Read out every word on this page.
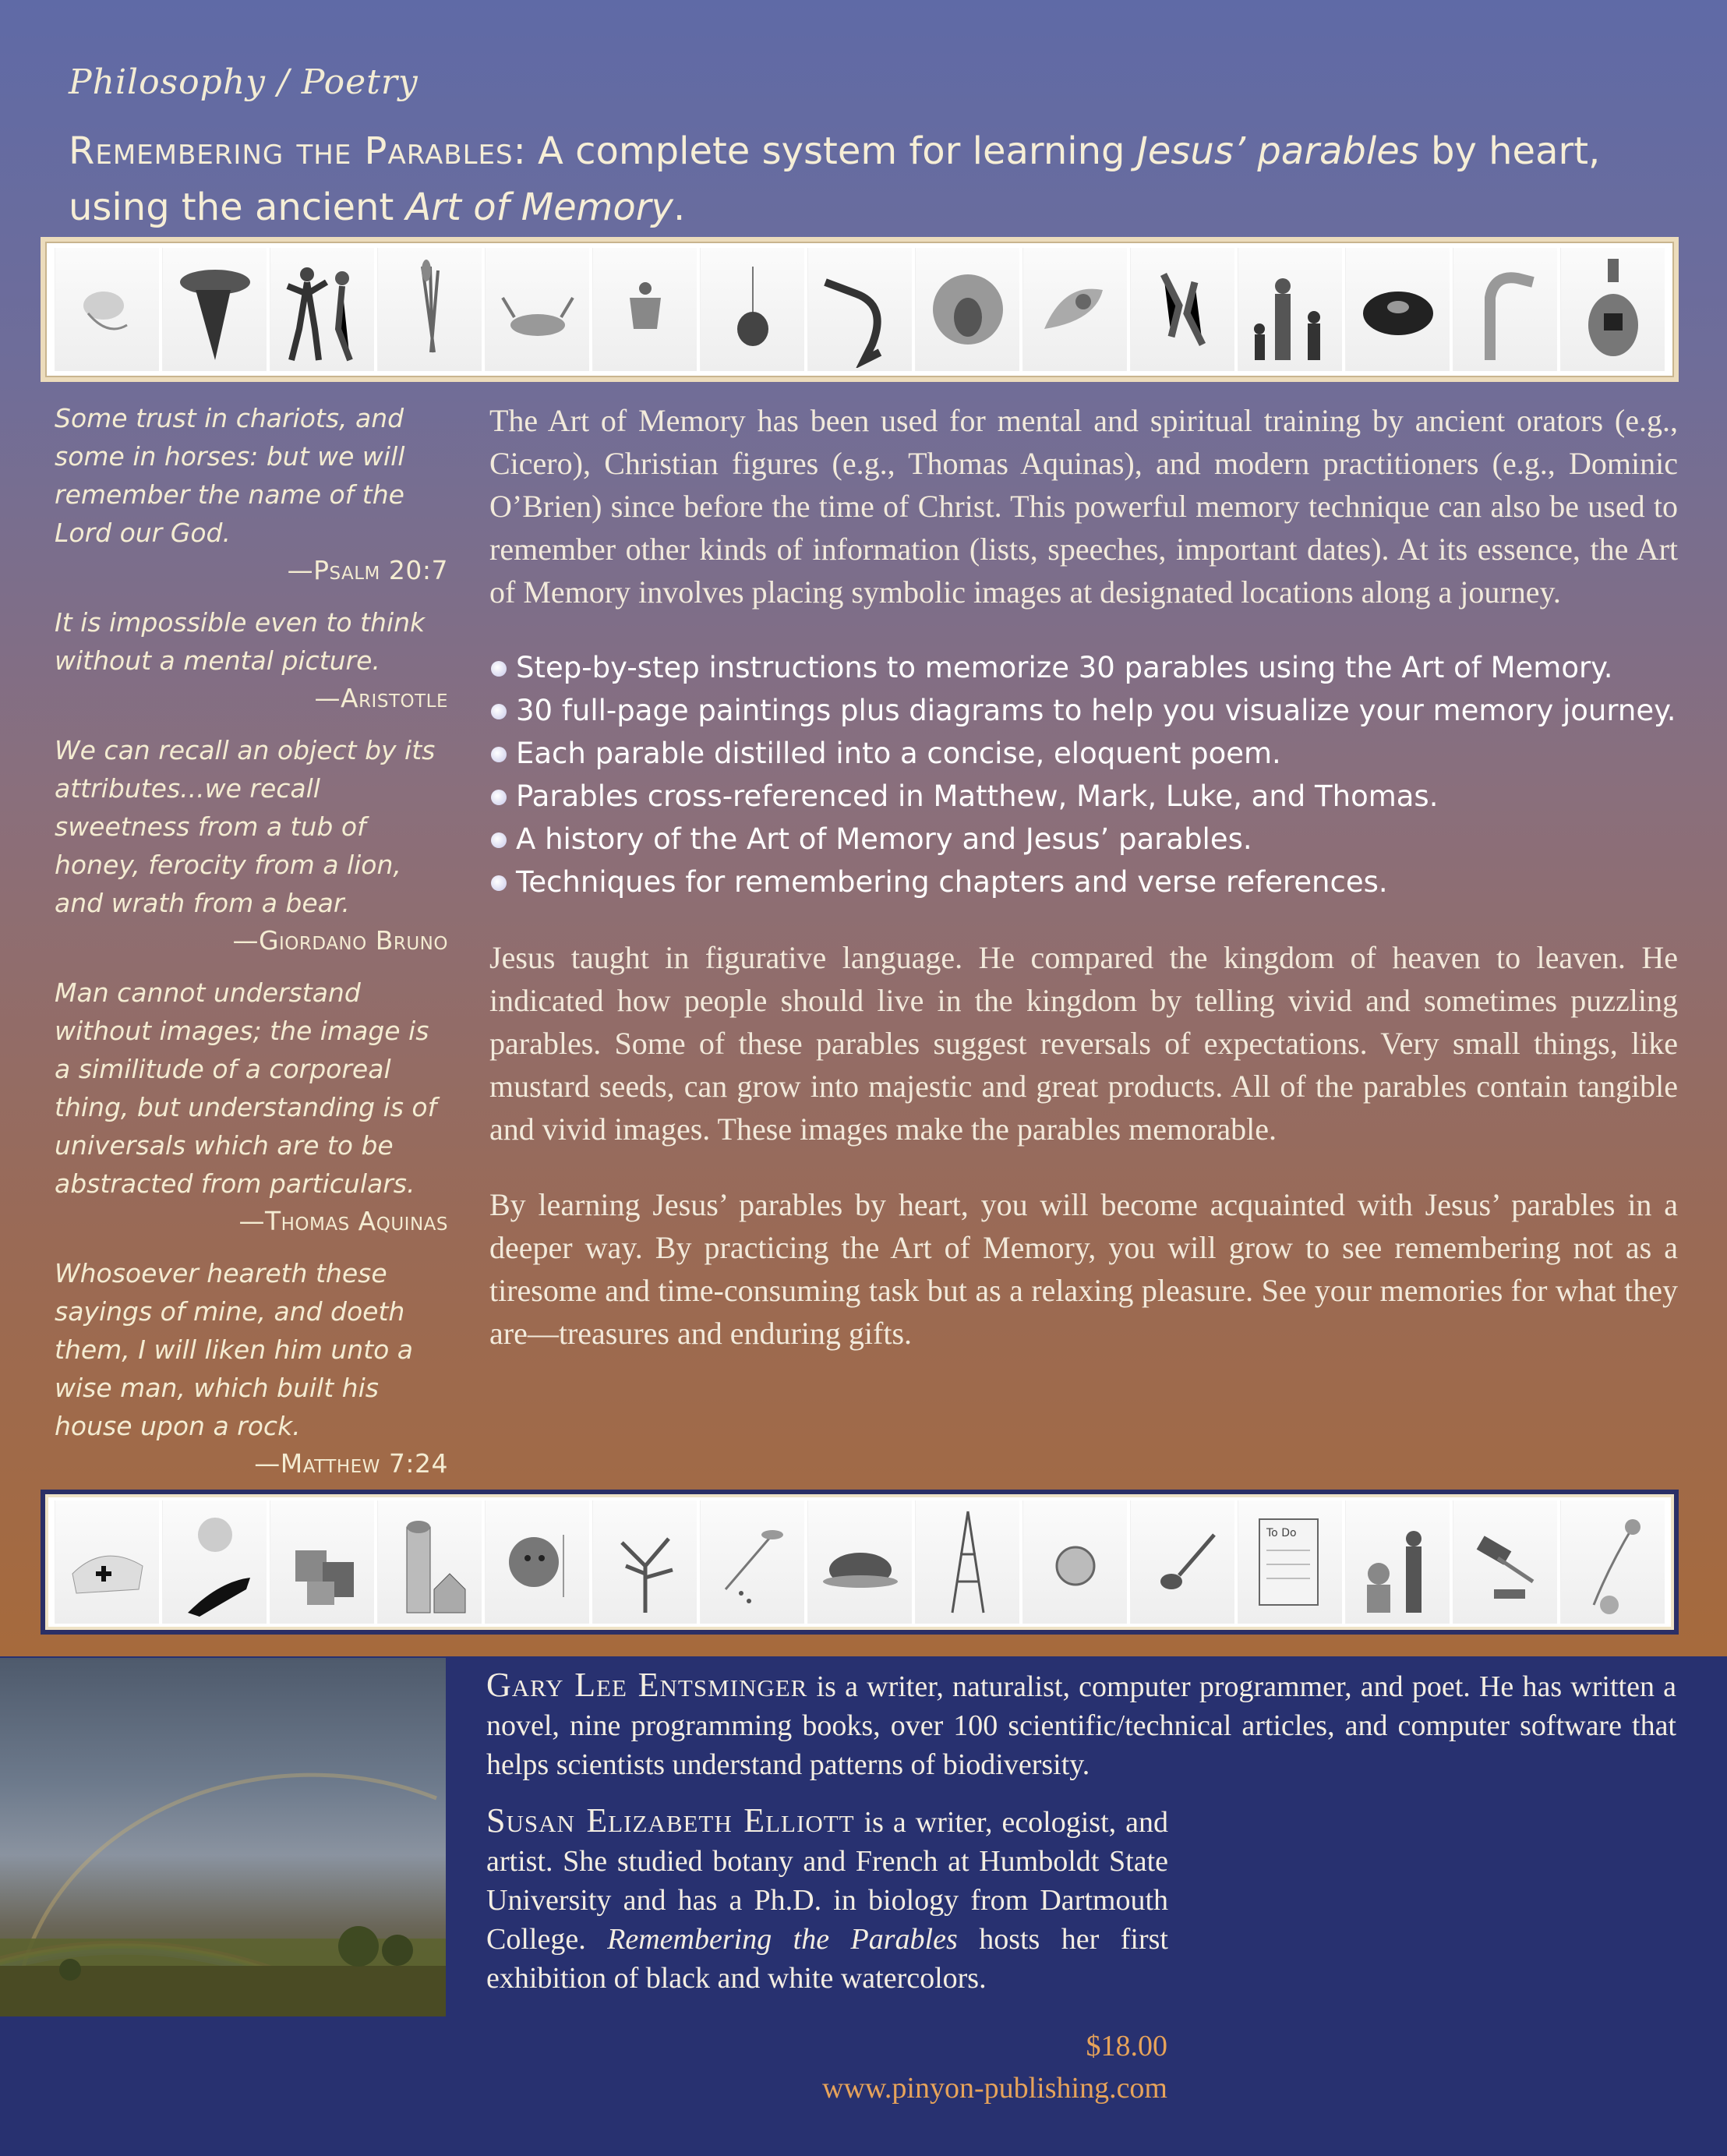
Philosophy / Poetry
Remembering the Parables: A complete system for learning Jesus’ parables by heart, using the ancient Art of Memory.
Some trust in chariots, and some in horses: but we will remember the name of the Lord our God.
—Psalm 20:7
It is impossible even to think without a mental picture.
—Aristotle
We can recall an object by its attributes...we recall sweetness from a tub of honey, ferocity from a lion, and wrath from a bear.
—Giordano Bruno
Man cannot understand without images; the image is a similitude of a corporeal thing, but understanding is of universals which are to be abstracted from particulars.
—Thomas Aquinas
Whosoever heareth these sayings of mine, and doeth them, I will liken him unto a wise man, which built his house upon a rock.
—Matthew 7:24

The Art of Memory has been used for mental and spiritual training by ancient orators (e.g., Cicero), Christian figures (e.g., Thomas Aquinas), and modern practitioners (e.g., Dominic O’Brien) since before the time of Christ. This powerful memory technique can also be used to remember other kinds of information (lists, speeches, important dates). At its essence, the Art of Memory involves placing symbolic images at designated locations along a journey.

Step-by-step instructions to memorize 30 parables using the Art of Memory.
30 full-page paintings plus diagrams to help you visualize your memory journey.
Each parable distilled into a concise, eloquent poem.
Parables cross-referenced in Matthew, Mark, Luke, and Thomas.
A history of the Art of Memory and Jesus’ parables.
Techniques for remembering chapters and verse references.

Jesus taught in figurative language. He compared the kingdom of heaven to leaven. He indicated how people should live in the kingdom by telling vivid and sometimes puzzling parables. Some of these parables suggest reversals of expectations. Very small things, like mustard seeds, can grow into majestic and great products. All of the parables contain tangible and vivid images. These images make the parables memorable.

By learning Jesus’ parables by heart, you will become acquainted with Jesus’ parables in a deeper way. By practicing the Art of Memory, you will grow to see remembering not as a tiresome and time-consuming task but as a relaxing pleasure. See your memories for what they are—treasures and enduring gifts.

To Do

Gary Lee Entsminger is a writer, naturalist, computer programmer, and poet. He has written a novel, nine programming books, over 100 scientific/technical articles, and computer software that helps scientists understand patterns of biodiversity.

Susan Elizabeth Elliott is a writer, ecologist, and artist. She studied botany and French at Humboldt State University and has a Ph.D. in biology from Dartmouth College. Remembering the Parables hosts her first exhibition of black and white watercolors.

$18.00
www.pinyon-publishing.com
